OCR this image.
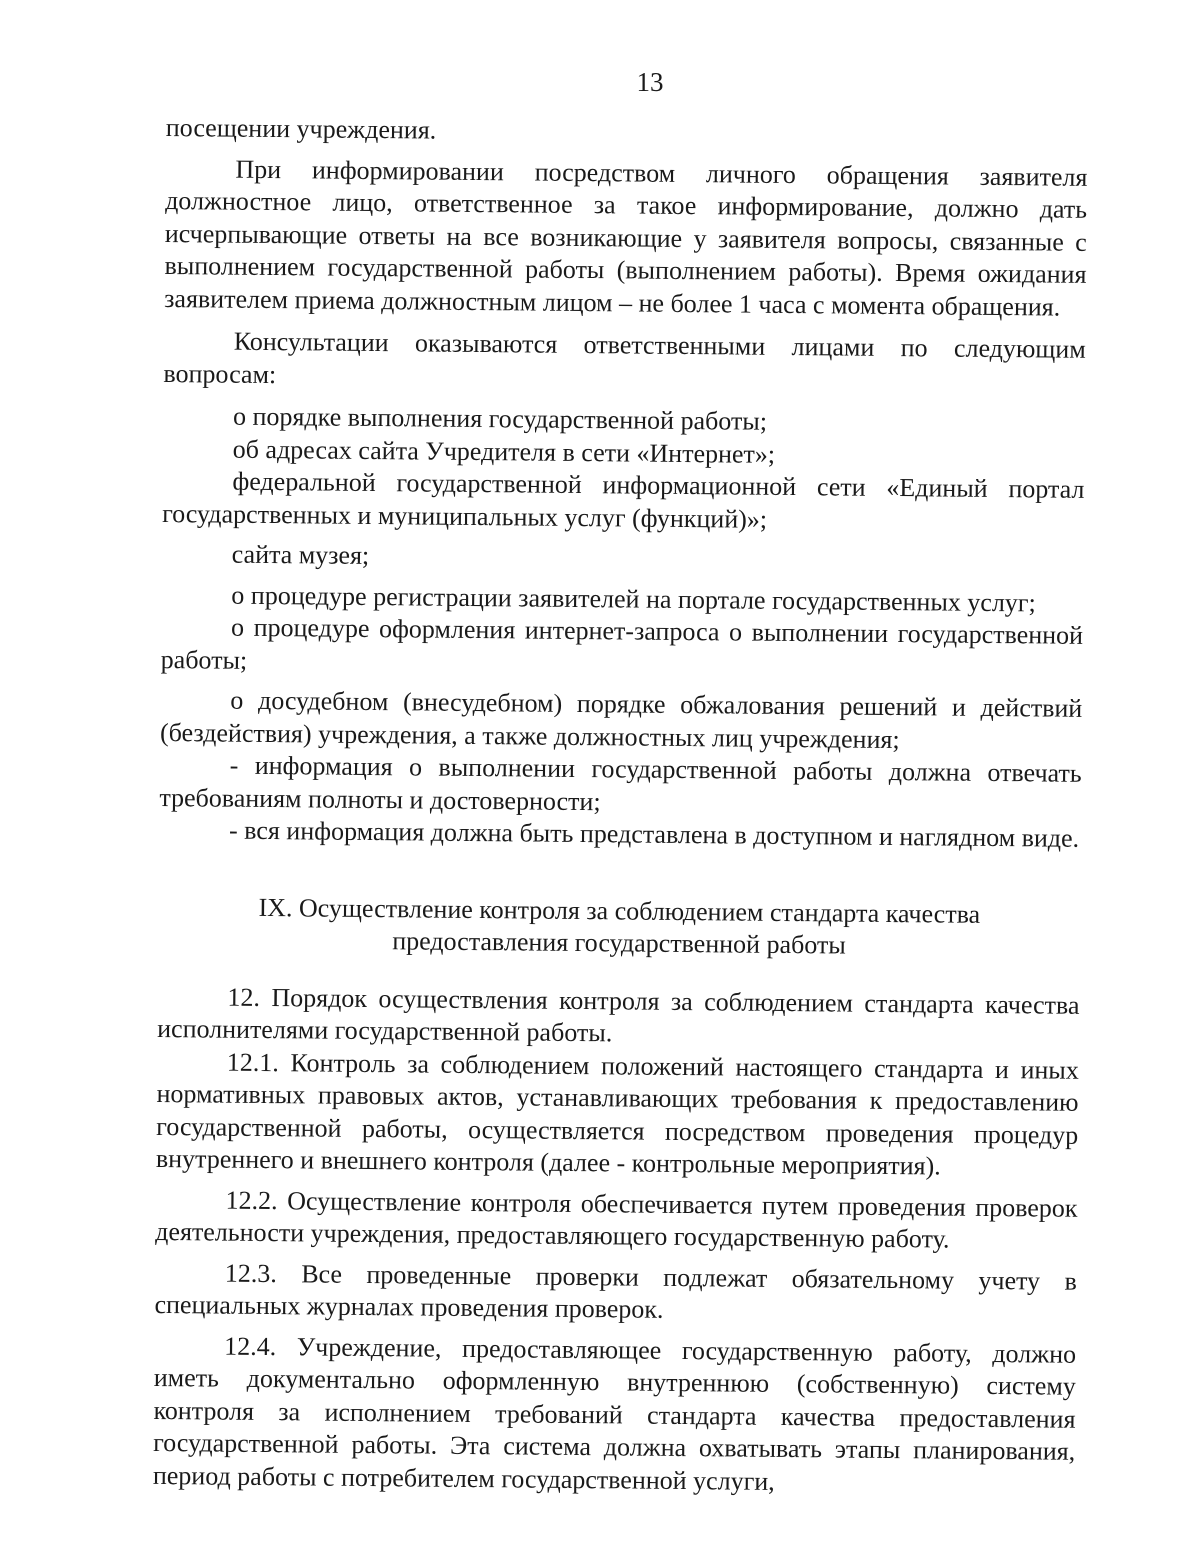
13

посещении учреждения.

При информировании посредством личного обращения заявителя должностное лицо, ответственное за такое информирование, должно дать исчерпывающие ответы на все возникающие у заявителя вопросы, связанные с выполнением государственной работы (выполнением работы). Время ожидания заявителем приема должностным лицом – не более 1 часа с момента обращения.

Консультации оказываются ответственными лицами по следующим вопросам:

о порядке выполнения государственной работы;

об адресах сайта Учредителя в сети «Интернет»;

федеральной государственной информационной сети «Единый портал государственных и муниципальных услуг (функций)»;

сайта музея;

о процедуре регистрации заявителей на портале государственных услуг;

о процедуре оформления интернет-запроса о выполнении государственной работы;

о досудебном (внесудебном) порядке обжалования решений и действий (бездействия) учреждения, а также должностных лиц учреждения;

- информация о выполнении государственной работы должна отвечать требованиям полноты и достоверности;

- вся информация должна быть представлена в доступном и наглядном виде.

IX. Осуществление контроля за соблюдением стандарта качества
предоставления государственной работы

12. Порядок осуществления контроля за соблюдением стандарта качества исполнителями государственной работы.

12.1. Контроль за соблюдением положений настоящего стандарта и иных нормативных правовых актов, устанавливающих требования к предоставлению государственной работы, осуществляется посредством проведения процедур внутреннего и внешнего контроля (далее - контрольные мероприятия).

12.2. Осуществление контроля обеспечивается путем проведения проверок деятельности учреждения, предоставляющего государственную работу.

12.3. Все проведенные проверки подлежат обязательному учету в специальных журналах проведения проверок.

12.4. Учреждение, предоставляющее государственную работу, должно иметь документально оформленную внутреннюю (собственную) систему контроля за исполнением требований стандарта качества предоставления государственной работы. Эта система должна охватывать этапы планирования, период работы с потребителем государственной услуги,
